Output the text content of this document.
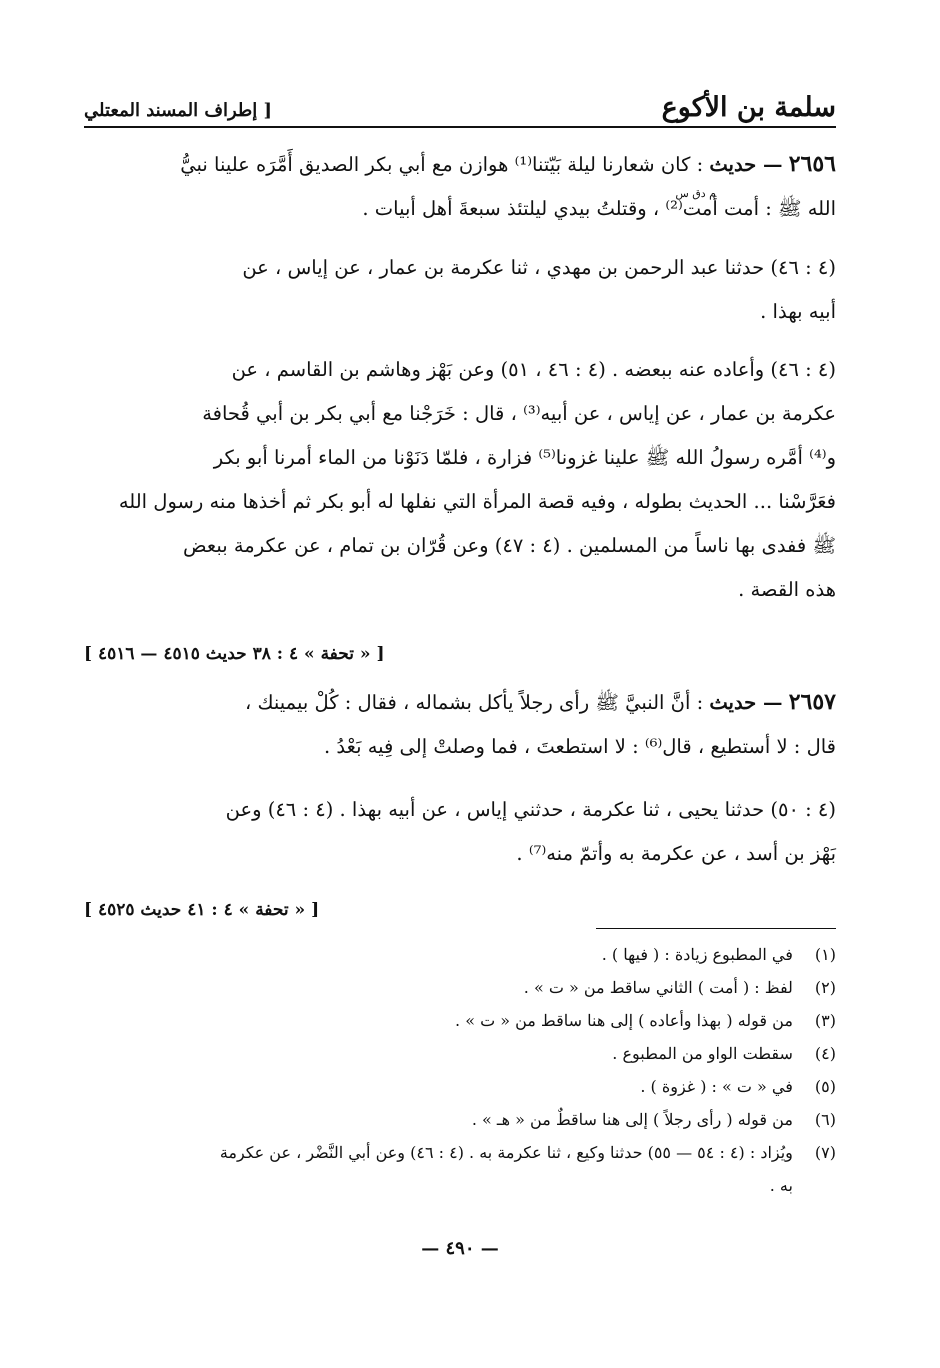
سلمة بن الأكوع
[ إطراف المسند المعتلي
٢٦٥٦ — حديث : كان شعارنا ليلة بَيّتنا⁽¹⁾ هوازن مع أبي بكر الصديق أَمَّرَه علينا نبيُّ
م دق س
الله ﷺ : أمت أمت⁽²⁾ ، وقتلتُ بيدي ليلتئذ سبعةَ أهل أبيات .
(٤ : ٤٦) حدثنا عبد الرحمن بن مهدي ، ثنا عكرمة بن عمار ، عن إياس ، عن
أبيه بهذا .
(٤ : ٤٦) وأعاده عنه ببعضه . (٤ : ٤٦ ، ٥١) وعن بَهْز وهاشم بن القاسم ، عن
عكرمة بن عمار ، عن إياس ، عن أبيه⁽³⁾ ، قال : خَرَجْنا مع أبي بكر بن أبي قُحافة
و⁽⁴⁾ أمَّره رسولُ الله ﷺ علينا غزونا⁽⁵⁾ فزارة ، فلمّا دَنَوْنا من الماء أمرنا أبو بكر
فعَرَّسْنا ... الحديث بطوله ، وفيه قصة المرأة التي نفلها له أبو بكر ثم أخذها منه رسول الله
ﷺ ففدى بها ناساً من المسلمين . (٤ : ٤٧) وعن قُرّان بن تمام ، عن عكرمة ببعض
هذه القصة .
[ « تحفة » ٤ : ٣٨ حديث ٤٥١٥ — ٤٥١٦ ]
٢٦٥٧ — حديث : أنَّ النبيَّ ﷺ رأى رجلاً يأكل بشماله ، فقال : كُلْ بيمينك ،
قال : لا أستطيع ، قال⁽⁶⁾ : لا استطعتَ ، فما وصلتْ إلى فِيه بَعْدُ .
(٤ : ٥٠) حدثنا يحيى ، ثنا عكرمة ، حدثني إياس ، عن أبيه بهذا . (٤ : ٤٦) وعن
بَهْز بن أسد ، عن عكرمة به وأتمّ منه⁽⁷⁾ .
[ « تحفة » ٤ : ٤١ حديث ٤٥٢٥ ]
(١) في المطبوع زيادة : ( فيها ) .
(٢) لفظ : ( أمت ) الثاني ساقط من « ت » .
(٣) من قوله ( بهذا وأعاده ) إلى هنا ساقط من « ت » .
(٤) سقطت الواو من المطبوع .
(٥) في « ت » : ( غزوة ) .
(٦) من قوله ( رأى رجلاً ) إلى هنا ساقطٌ من « هـ » .
(٧) ويُزاد : (٤ : ٥٤ — ٥٥) حدثنا وكيع ، ثنا عكرمة به . (٤ : ٤٦) وعن أبي النَّضْر ، عن عكرمة
به .
— ٤٩٠ —
